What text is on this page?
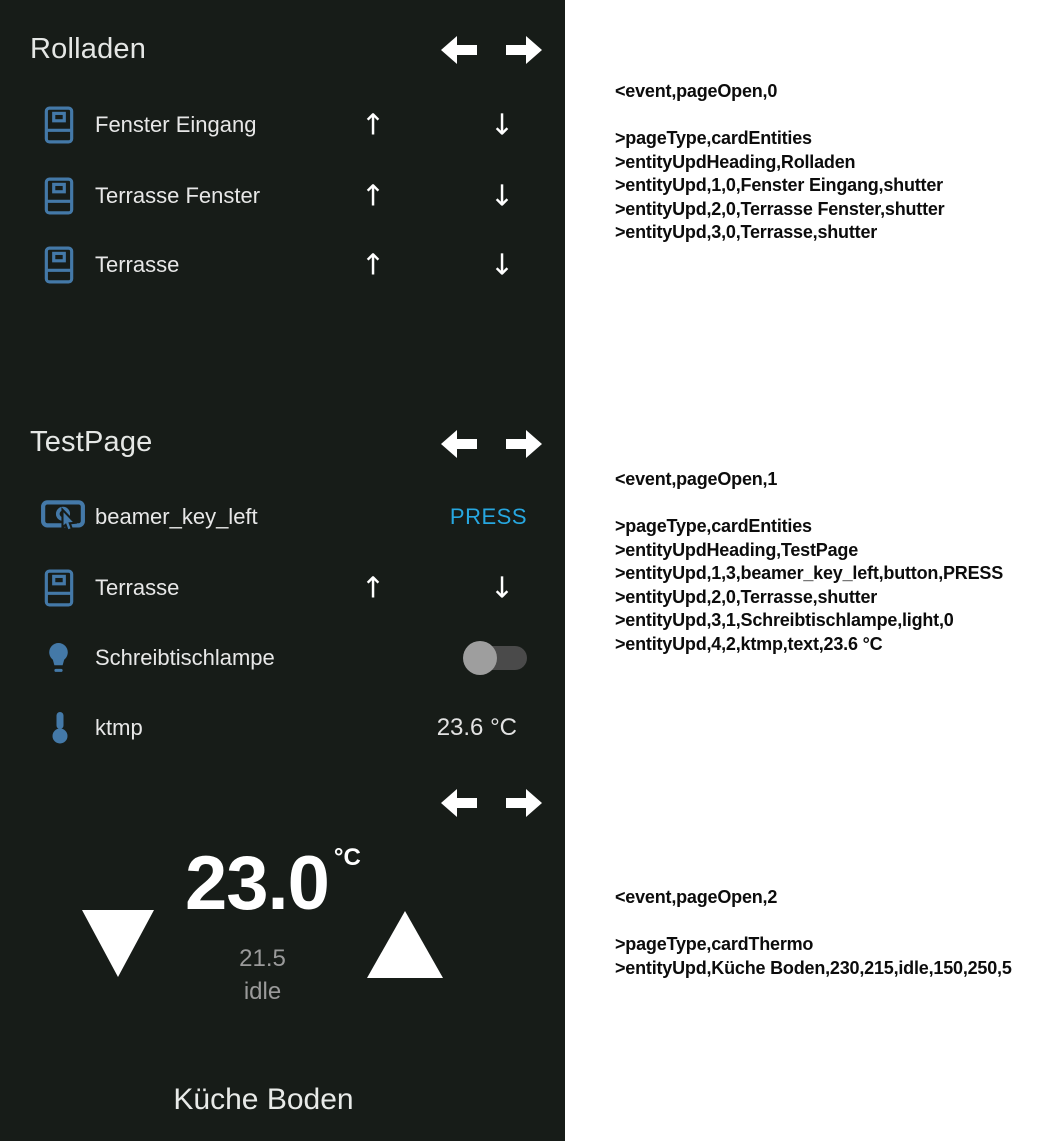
Rolladen
Fenster Eingang	↑	↓
Terrasse Fenster	↑	↓
Terrasse	↑	↓
TestPage
beamer_key_left	PRESS
Terrasse	↑	↓
Schreibtischlampe
ktmp	23.6 °C
23.0 °C
21.5
idle
Küche Boden
<event,pageOpen,0
>pageType,cardEntities
>entityUpdHeading,Rolladen
>entityUpd,1,0,Fenster Eingang,shutter
>entityUpd,2,0,Terrasse Fenster,shutter
>entityUpd,3,0,Terrasse,shutter
<event,pageOpen,1
>pageType,cardEntities
>entityUpdHeading,TestPage
>entityUpd,1,3,beamer_key_left,button,PRESS
>entityUpd,2,0,Terrasse,shutter
>entityUpd,3,1,Schreibtischlampe,light,0
>entityUpd,4,2,ktmp,text,23.6 °C
<event,pageOpen,2
>pageType,cardThermo
>entityUpd,Küche Boden,230,215,idle,150,250,5
